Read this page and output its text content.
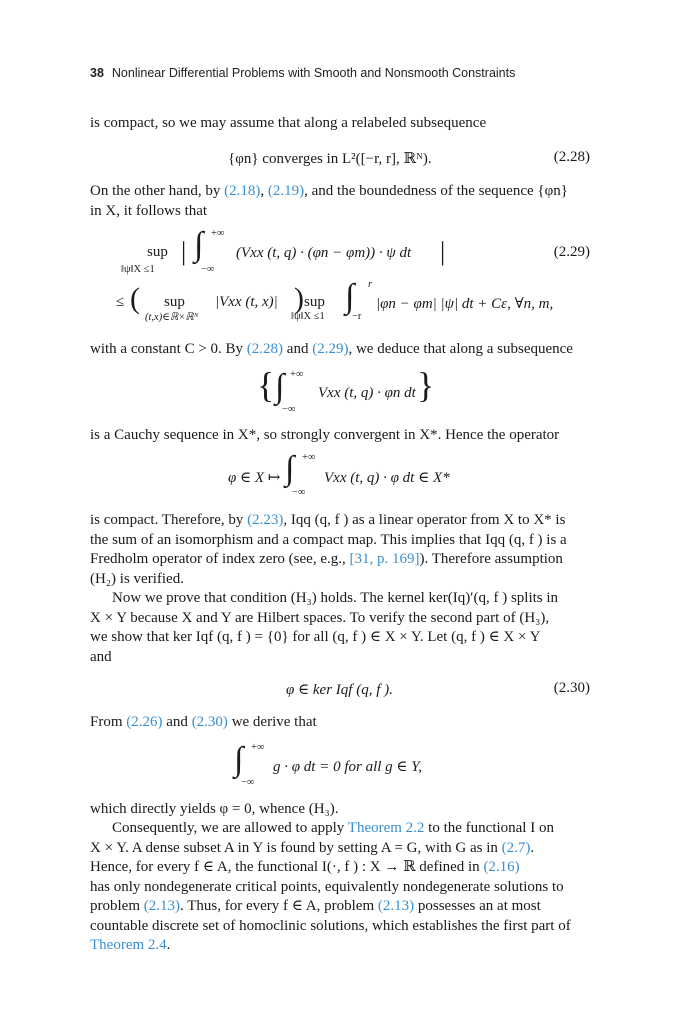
38 Nonlinear Differential Problems with Smooth and Nonsmooth Constraints
is compact, so we may assume that along a relabeled subsequence
{φn} converges in L²([−r, r], ℝᴺ).	(2.28)
On the other hand, by (2.18), (2.19), and the boundedness of the sequence {φn}
in X, it follows that
sup
‖ψ‖X ≤1
| ∫ +∞
−∞
(Vxx (t, q) · (φn − φm)) · ψ dt |	(2.29)
≤ ( sup
(t,x)∈ℝ×ℝᴺ
|Vxx (t, x)| ) sup
‖ψ‖X ≤1
∫ r
−r
|φn − φm| |ψ| dt + Cε, ∀n, m,
with a constant C > 0. By (2.28) and (2.29), we deduce that along a subsequence
{ ∫ +∞
−∞
Vxx (t, q) · φn dt }
is a Cauchy sequence in X*, so strongly convergent in X*. Hence the operator
φ ∈ X ↦ ∫ +∞
−∞
Vxx (t, q) · φ dt ∈ X*
is compact. Therefore, by (2.23), Iqq (q, f ) as a linear operator from X to X* is
the sum of an isomorphism and a compact map. This implies that Iqq (q, f ) is a
Fredholm operator of index zero (see, e.g., [31, p. 169]). Therefore assumption
(H₂) is verified.
Now we prove that condition (H₃) holds. The kernel ker(Iq)′(q, f ) splits in
X × Y because X and Y are Hilbert spaces. To verify the second part of (H₃),
we show that ker Iqf (q, f ) = {0} for all (q, f ) ∈ X × Y. Let (q, f ) ∈ X × Y
and
φ ∈ ker Iqf (q, f ).	(2.30)
From (2.26) and (2.30) we derive that
∫ +∞
−∞
g · φ dt = 0 for all g ∈ Y,
which directly yields φ = 0, whence (H₃).
Consequently, we are allowed to apply Theorem 2.2 to the functional I on
X × Y. A dense subset A in Y is found by setting A = G, with G as in (2.7).
Hence, for every f ∈ A, the functional I(·, f ) : X → ℝ defined in (2.16)
has only nondegenerate critical points, equivalently nondegenerate solutions to
problem (2.13). Thus, for every f ∈ A, problem (2.13) possesses an at most
countable discrete set of homoclinic solutions, which establishes the first part of
Theorem 2.4.
